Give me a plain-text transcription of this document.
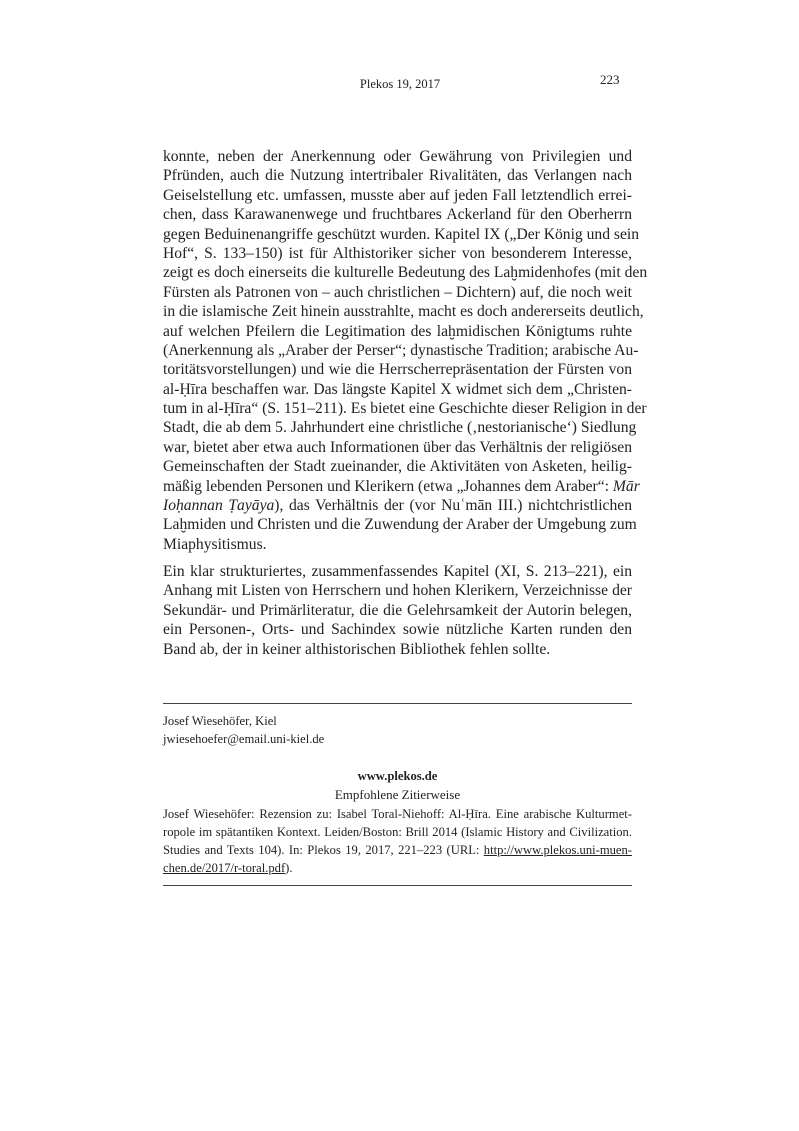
Plekos 19, 2017	223
konnte, neben der Anerkennung oder Gewährung von Privilegien und
Pfründen, auch die Nutzung intertribaler Rivalitäten, das Verlangen nach
Geiselstellung etc. umfassen, musste aber auf jeden Fall letztendlich errei-
chen, dass Karawanenwege und fruchtbares Ackerland für den Oberherrn
gegen Beduinenangriffe geschützt wurden. Kapitel IX („Der König und sein
Hof“, S. 133–150) ist für Althistoriker sicher von besonderem Interesse,
zeigt es doch einerseits die kulturelle Bedeutung des Laḫmidenhofes (mit den
Fürsten als Patronen von – auch christlichen – Dichtern) auf, die noch weit
in die islamische Zeit hinein ausstrahlte, macht es doch andererseits deutlich,
auf welchen Pfeilern die Legitimation des laḫmidischen Königtums ruhte
(Anerkennung als „Araber der Perser“; dynastische Tradition; arabische Au-
toritätsvorstellungen) und wie die Herrscherrepräsentation der Fürsten von
al-Ḥīra beschaffen war. Das längste Kapitel X widmet sich dem „Christen-
tum in al-Ḥīra“ (S. 151–211). Es bietet eine Geschichte dieser Religion in der
Stadt, die ab dem 5. Jahrhundert eine christliche (‚nestorianische‘) Siedlung
war, bietet aber etwa auch Informationen über das Verhältnis der religiösen
Gemeinschaften der Stadt zueinander, die Aktivitäten von Asketen, heilig-
mäßig lebenden Personen und Klerikern (etwa „Johannes dem Araber“: Mār
Ioḥannan Ṭayāya), das Verhältnis der (vor Nuʿmān III.) nichtchristlichen
Laḫmiden und Christen und die Zuwendung der Araber der Umgebung zum
Miaphysitismus.
Ein klar strukturiertes, zusammenfassendes Kapitel (XI, S. 213–221), ein
Anhang mit Listen von Herrschern und hohen Klerikern, Verzeichnisse der
Sekundär- und Primärliteratur, die die Gelehrsamkeit der Autorin belegen,
ein Personen-, Orts- und Sachindex sowie nützliche Karten runden den
Band ab, der in keiner althistorischen Bibliothek fehlen sollte.
Josef Wiesehöfer, Kiel
jwiesehoefer@email.uni-kiel.de
www.plekos.de
Empfohlene Zitierweise
Josef Wiesehöfer: Rezension zu: Isabel Toral-Niehoff: Al-Ḥīra. Eine arabische Kulturmet-
ropole im spätantiken Kontext. Leiden/Boston: Brill 2014 (Islamic History and Civilization.
Studies and Texts 104). In: Plekos 19, 2017, 221–223 (URL: http://www.plekos.uni-muen-
chen.de/2017/r-toral.pdf).
